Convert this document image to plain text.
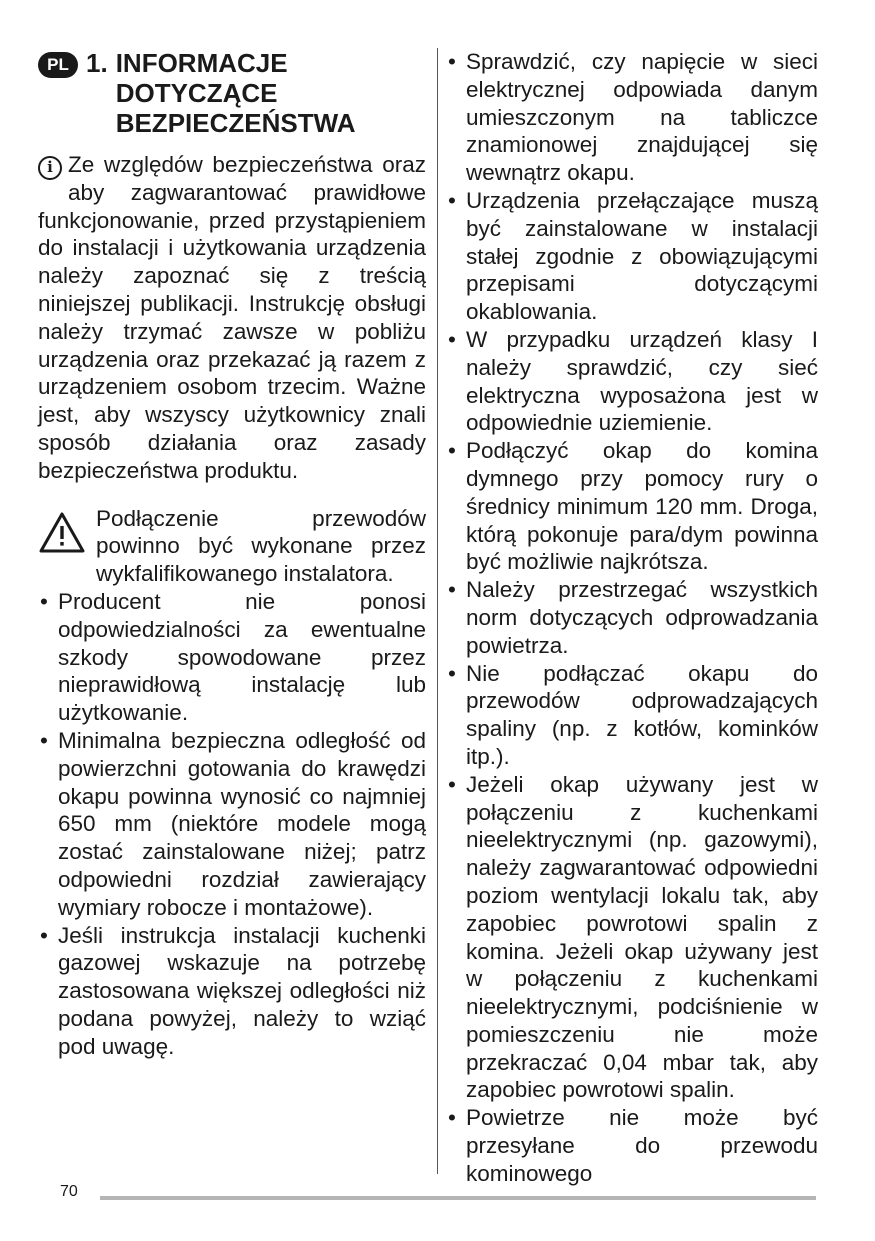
PL 1. INFORMACJE
DOTYCZĄCE
BEZPIECZEŃSTWA
i Ze względów bezpieczeństwa oraz aby zagwarantować prawidłowe funkcjonowanie, przed przystąpieniem do instalacji i użytkowania urządzenia należy zapoznać się z treścią niniejszej publikacji. Instrukcję obsługi należy trzymać zawsze w pobliżu urządzenia oraz przekazać ją razem z urządzeniem osobom trzecim. Ważne jest, aby wszyscy użytkownicy znali sposób działania oraz zasady bezpieczeństwa produktu.
Podłączenie przewodów powinno być wykonane przez wykfalifikowanego instalatora.
• Producent nie ponosi odpowiedzialności za ewentualne szkody spowodowane przez nieprawidłową instalację lub użytkowanie.
• Minimalna bezpieczna odległość od powierzchni gotowania do krawędzi okapu powinna wynosić co najmniej 650 mm (niektóre modele mogą zostać zainstalowane niżej; patrz odpowiedni rozdział zawierający wymiary robocze i montażowe).
• Jeśli instrukcja instalacji kuchenki gazowej wskazuje na potrzebę zastosowana większej odległości niż podana powyżej, należy to wziąć pod uwagę.
• Sprawdzić, czy napięcie w sieci elektrycznej odpowiada danym umieszczonym na tabliczce znamionowej znajdującej się wewnątrz okapu.
• Urządzenia przełączające muszą być zainstalowane w instalacji stałej zgodnie z obowiązującymi przepisami dotyczącymi okablowania.
• W przypadku urządzeń klasy I należy sprawdzić, czy sieć elektryczna wyposażona jest w odpowiednie uziemienie.
• Podłączyć okap do komina dymnego przy pomocy rury o średnicy minimum 120 mm. Droga, którą pokonuje para/dym powinna być możliwie najkrótsza.
• Należy przestrzegać wszystkich norm dotyczących odprowadzania powietrza.
• Nie podłączać okapu do przewodów odprowadzających spaliny (np. z kotłów, kominków itp.).
• Jeżeli okap używany jest w połączeniu z kuchenkami nieelektrycznymi (np. gazowymi), należy zagwarantować odpowiedni poziom wentylacji lokalu tak, aby zapobiec powrotowi spalin z komina. Jeżeli okap używany jest w połączeniu z kuchenkami nieelektrycznymi, podciśnienie w pomieszczeniu nie może przekraczać 0,04 mbar tak, aby zapobiec powrotowi spalin.
• Powietrze nie może być przesyłane do przewodu kominowego
70
